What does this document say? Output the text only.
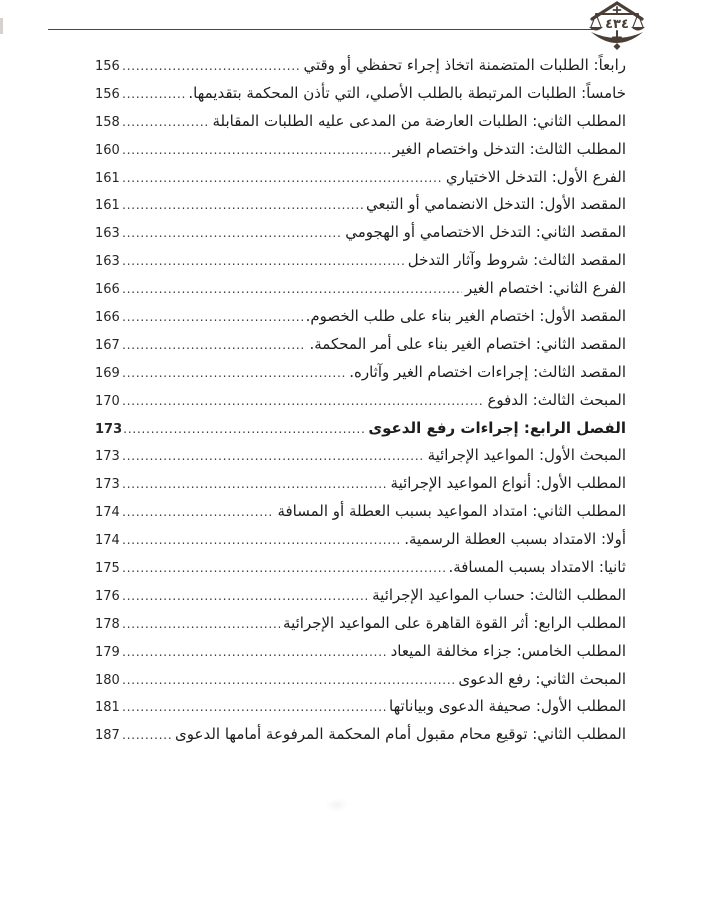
٤٣٤
رابعاً: الطلبات المتضمنة اتخاذ إجراء تحفظي أو وقتي
.....
156
خامساً: الطلبات المرتبطة بالطلب الأصلي، التي تأذن المحكمة بتقديمها.
.....
156
المطلب الثاني: الطلبات العارضة من المدعى عليه الطلبات المقابلة
.....
158
المطلب الثالث: التدخل واختصام الغير
.....
160
الفرع الأول: التدخل الاختياري
.....
161
المقصد الأول: التدخل الانضمامي أو التبعي
.....
161
المقصد الثاني: التدخل الاختصامي أو الهجومي
.....
163
المقصد الثالث: شروط وآثار التدخل
.....
163
الفرع الثاني: اختصام الغير
.....
166
المقصد الأول: اختصام الغير بناء على طلب الخصوم.
.....
166
المقصد الثاني: اختصام الغير بناء على أمر المحكمة.
.....
167
المقصد الثالث: إجراءات اختصام الغير وآثاره.
.....
169
المبحث الثالث: الدفوع
.....
170
الفصل الرابع: إجراءات رفع الدعوى
.....
173
المبحث الأول: المواعيد الإجرائية
.....
173
المطلب الأول: أنواع المواعيد الإجرائية
.....
173
المطلب الثاني: امتداد المواعيد بسبب العطلة أو المسافة
.....
174
أولا: الامتداد بسبب العطلة الرسمية.
.....
174
ثانيا: الامتداد بسبب المسافة.
.....
175
المطلب الثالث: حساب المواعيد الإجرائية
.....
176
المطلب الرابع: أثر القوة القاهرة على المواعيد الإجرائية
.....
178
المطلب الخامس: جزاء مخالفة الميعاد
.....
179
المبحث الثاني: رفع الدعوى
.....
180
المطلب الأول: صحيفة الدعوى وبياناتها
.....
181
المطلب الثاني: توقيع محام مقبول أمام المحكمة المرفوعة أمامها الدعوى
.....
187
